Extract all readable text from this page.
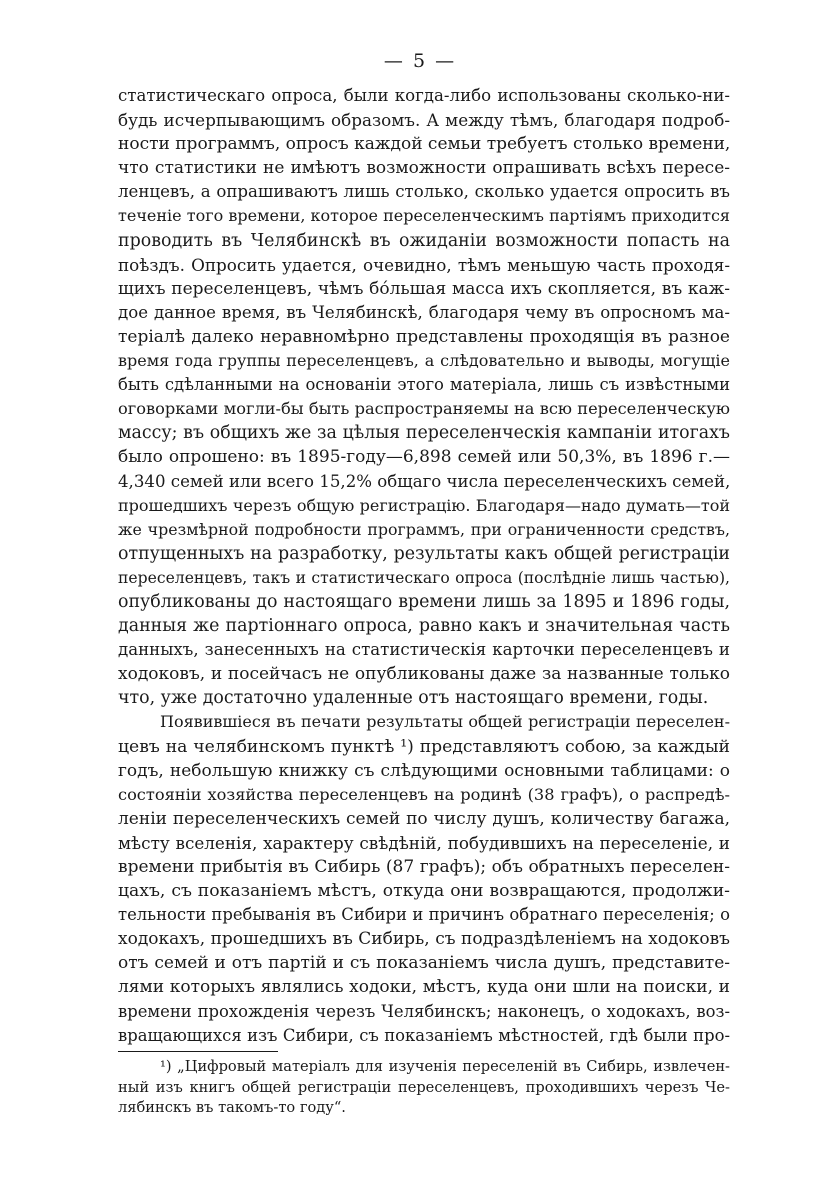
— 5 —
статистическаго опроса, были когда-либо использованы сколько-ни-
будь исчерпывающимъ образомъ. А между тѣмъ, благодаря подроб-
ности программъ, опросъ каждой семьи требуетъ столько времени,
что статистики не имѣютъ возможности опрашивать всѣхъ пересе-
ленцевъ, а опрашиваютъ лишь столько, сколько удается опросить въ
теченіе того времени, которое переселенческимъ партіямъ приходится
проводить въ Челябинскѣ въ ожиданіи возможности попасть на
поѣздъ. Опросить удается, очевидно, тѣмъ меньшую часть проходя-
щихъ переселенцевъ, чѣмъ бо́льшая масса ихъ скопляется, въ каж-
дое данное время, въ Челябинскѣ, благодаря чему въ опросномъ ма-
теріалѣ далеко неравномѣрно представлены проходящія въ разное
время года группы переселенцевъ, а слѣдовательно и выводы, могущіе
быть сдѣланными на основаніи этого матеріала, лишь съ извѣстными
оговорками могли-бы быть распространяемы на всю переселенческую
массу; въ общихъ же за цѣлыя переселенческія кампаніи итогахъ
было опрошено: въ 1895-году—6,898 семей или 50,3%, въ 1896 г.—
4,340 семей или всего 15,2% общаго числа переселенческихъ семей,
прошедшихъ черезъ общую регистрацію. Благодаря—надо думать—той
же чрезмѣрной подробности программъ, при ограниченности средствъ,
отпущенныхъ на разработку, результаты какъ общей регистраціи
переселенцевъ, такъ и статистическаго опроса (послѣдніе лишь частью),
опубликованы до настоящаго времени лишь за 1895 и 1896 годы,
данныя же партіоннаго опроса, равно какъ и значительная часть
данныхъ, занесенныхъ на статистическія карточки переселенцевъ и
ходоковъ, и посейчасъ не опубликованы даже за названные только
что, уже достаточно удаленные отъ настоящаго времени, годы.
Появившіеся въ печати результаты общей регистраціи переселен-
цевъ на челябинскомъ пунктѣ ¹) представляютъ собою, за каждый
годъ, небольшую книжку съ слѣдующими основными таблицами: о
состояніи хозяйства переселенцевъ на родинѣ (38 графъ), о распредѣ-
леніи переселенческихъ семей по числу душъ, количеству багажа,
мѣсту вселенія, характеру свѣдѣній, побудившихъ на переселеніе, и
времени прибытія въ Сибирь (87 графъ); объ обратныхъ переселен-
цахъ, съ показаніемъ мѣстъ, откуда они возвращаются, продолжи-
тельности пребыванія въ Сибири и причинъ обратнаго переселенія; о
ходокахъ, прошедшихъ въ Сибирь, съ подраздѣленіемъ на ходоковъ
отъ семей и отъ партій и съ показаніемъ числа душъ, представите-
лями которыхъ являлись ходоки, мѣстъ, куда они шли на поиски, и
времени прохожденія черезъ Челябинскъ; наконецъ, о ходокахъ, воз-
вращающихся изъ Сибири, съ показаніемъ мѣстностей, гдѣ были про-
¹) „Цифровый матеріалъ для изученія переселеній въ Сибирь, извлечен-
ный изъ книгъ общей регистраціи переселенцевъ, проходившихъ черезъ Че-
лябинскъ въ такомъ-то году“.
